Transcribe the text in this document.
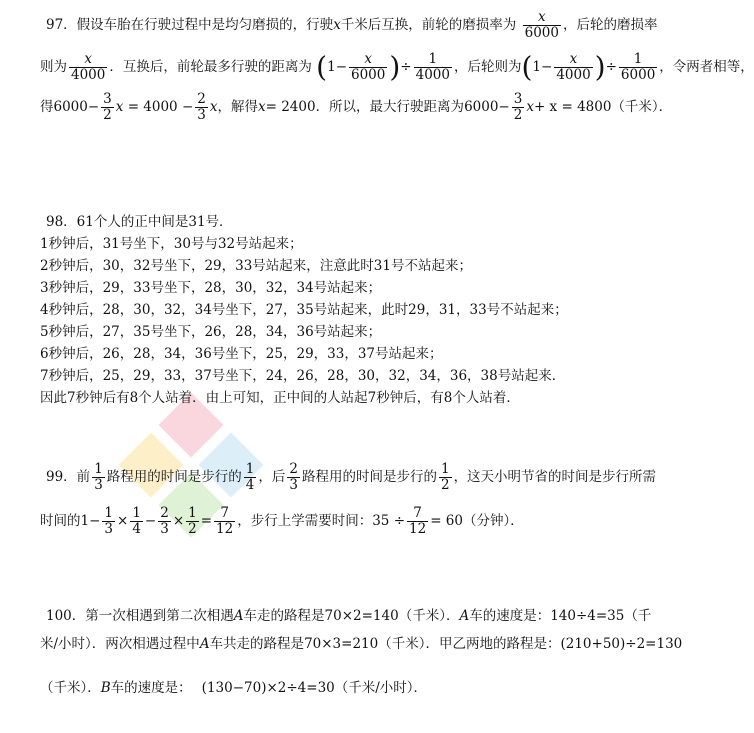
97．假设车胎在行驶过程中是均匀磨损的，行驶x千米后互换，前轮的磨损率为 $\frac{x}{6000}$ ，后轮的磨损率
则为 $\frac{x}{4000}$ ．互换后，前轮最多行驶的距离为 ($1- \frac{x}{6000}$ )÷ $\frac{1}{4000}$ ，后轮则为($1- \frac{x}{4000}$ )÷ $\frac{1}{6000}$ ，令两者相等，
得$6000- \frac{3}{2}$ $x = 4000 - \frac{2}{3}$ x，解得x= 2400．所以，最大行驶距离为$6000- \frac{3}{2} x+ x = 4800$（千米）．
98．61个人的正中间是31号．
1秒钟后，31号坐下，30号与32号站起来；
2秒钟后，30，32号坐下，29，33号站起来，注意此时31号不站起来；
3秒钟后，29，33号坐下，28，30，32，34号站起来；
4秒钟后，28，30，32，34号坐下，27，35号站起来，此时29，31，33号不站起来；
5秒钟后，27，35号坐下，26，28，34，36号站起来；
6秒钟后，26，28，34，36号坐下，25，29，33，37号站起来；
7秒钟后，25，29，33，37号坐下，24，26，28，30，32，34，36，38号站起来．
因此7秒钟后有8个人站着．由上可知，正中间的人站起7秒钟后，有8个人站着．
99．前 $\frac{1}{3}$ 路程用的时间是步行的 $\frac{1}{4}$ ，后 $\frac{2}{3}$ 路程用的时间是步行的 $\frac{1}{2}$ ，这天小明节省的时间是步行所需
时间的$1- \frac{1}{3} \times \frac{1}{4} - \frac{2}{3} \times \frac{1}{2} = \frac{7}{12}$ ，步行上学需要时间：$35 \div \frac{7}{12} = 60$（分钟）．
100．第一次相遇到第二次相遇A车走的路程是70×2=140（千米）．A车的速度是：140÷4=35（千
米/小时）．两次相遇过程中A车共走的路程是70×3=210（千米）．甲乙两地的路程是：(210+50)÷2=130
（千米）．B车的速度是： (130−70)×2÷4=30（千米/小时）．
